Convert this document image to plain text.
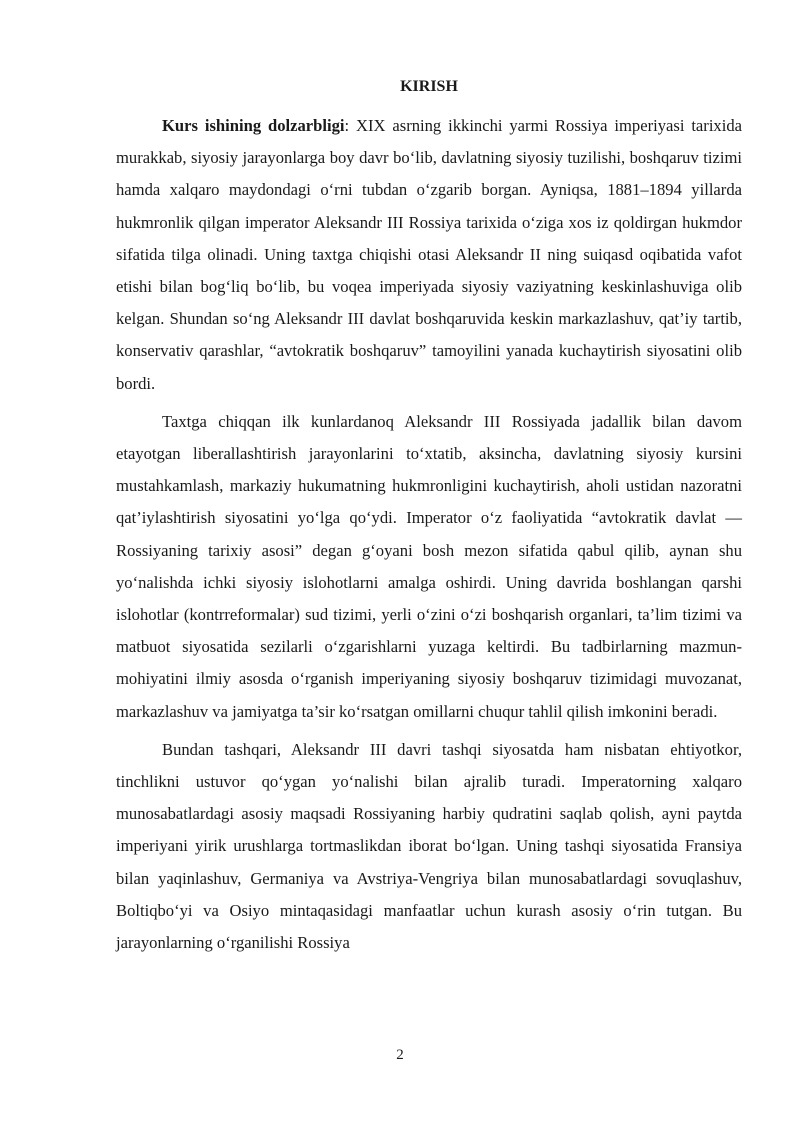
KIRISH

Kurs ishining dolzarbligi: XIX asrning ikkinchi yarmi Rossiya imperiyasi tarixida murakkab, siyosiy jarayonlarga boy davr bo‘lib, davlatning siyosiy tuzilishi, boshqaruv tizimi hamda xalqaro maydondagi o‘rni tubdan o‘zgarib borgan. Ayniqsa, 1881–1894 yillarda hukmronlik qilgan imperator Aleksandr III Rossiya tarixida o‘ziga xos iz qoldirgan hukmdor sifatida tilga olinadi. Uning taxtga chiqishi otasi Aleksandr II ning suiqasd oqibatida vafot etishi bilan bog‘liq bo‘lib, bu voqea imperiyada siyosiy vaziyatning keskinlashuviga olib kelgan. Shundan so‘ng Aleksandr III davlat boshqaruvida keskin markazlashuv, qat’iy tartib, konservativ qarashlar, “avtokratik boshqaruv” tamoyilini yanada kuchaytirish siyosatini olib bordi.

Taxtga chiqqan ilk kunlardanoq Aleksandr III Rossiyada jadallik bilan davom etayotgan liberallashtirish jarayonlarini to‘xtatib, aksincha, davlatning siyosiy kursini mustahkamlash, markaziy hukumatning hukmronligini kuchaytirish, aholi ustidan nazoratni qat’iylashtirish siyosatini yo‘lga qo‘ydi. Imperator o‘z faoliyatida “avtokratik davlat — Rossiyaning tarixiy asosi” degan g‘oyani bosh mezon sifatida qabul qilib, aynan shu yo‘nalishda ichki siyosiy islohotlarni amalga oshirdi. Uning davrida boshlangan qarshi islohotlar (kontrreformalar) sud tizimi, yerli o‘zini o‘zi boshqarish organlari, ta’lim tizimi va matbuot siyosatida sezilarli o‘zgarishlarni yuzaga keltirdi. Bu tadbirlarning mazmun-mohiyatini ilmiy asosda o‘rganish imperiyaning siyosiy boshqaruv tizimidagi muvozanat, markazlashuv va jamiyatga ta’sir ko‘rsatgan omillarni chuqur tahlil qilish imkonini beradi.

Bundan tashqari, Aleksandr III davri tashqi siyosatda ham nisbatan ehtiyotkor, tinchlikni ustuvor qo‘ygan yo‘nalishi bilan ajralib turadi. Imperatorning xalqaro munosabatlardagi asosiy maqsadi Rossiyaning harbiy qudratini saqlab qolish, ayni paytda imperiyani yirik urushlarga tortmaslikdan iborat bo‘lgan. Uning tashqi siyosatida Fransiya bilan yaqinlashuv, Germaniya va Avstriya-Vengriya bilan munosabatlardagi sovuqlashuv, Boltiqbo‘yi va Osiyo mintaqasidagi manfaatlar uchun kurash asosiy o‘rin tutgan. Bu jarayonlarning o‘rganilishi Rossiya

2
